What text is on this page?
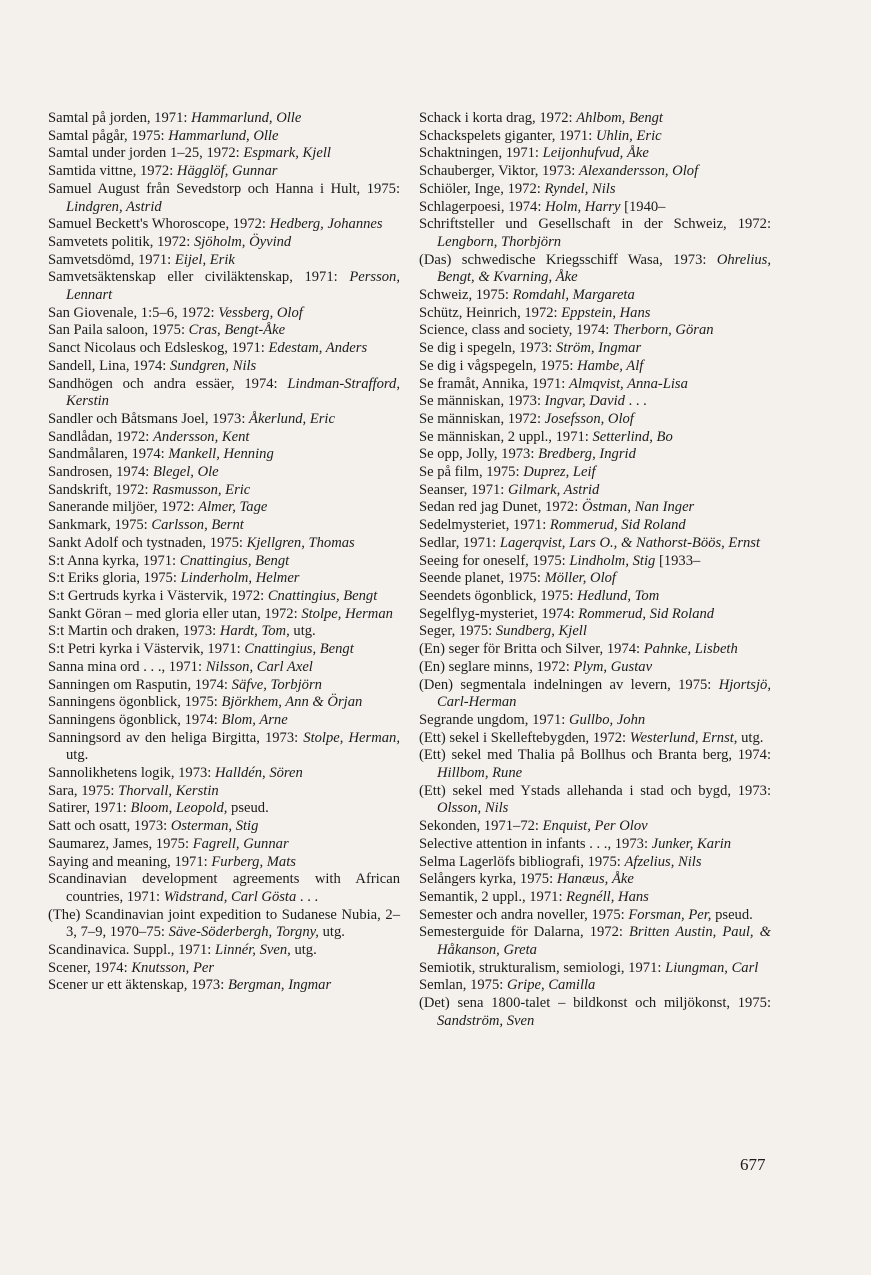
Samtal på jorden, 1971: Hammarlund, Olle
Samtal pågår, 1975: Hammarlund, Olle
Samtal under jorden 1–25, 1972: Espmark, Kjell
Samtida vittne, 1972: Hägglöf, Gunnar
Samuel August från Sevedstorp och Hanna i Hult, 1975: Lindgren, Astrid
Samuel Beckett's Whoroscope, 1972: Hedberg, Johannes
Samvetets politik, 1972: Sjöholm, Öyvind
Samvetsdömd, 1971: Eijel, Erik
Samvetsäktenskap eller civiläktenskap, 1971: Persson, Lennart
San Giovenale, 1:5–6, 1972: Vessberg, Olof
San Paila saloon, 1975: Cras, Bengt-Åke
Sanct Nicolaus och Edsleskog, 1971: Edestam, Anders
Sandell, Lina, 1974: Sundgren, Nils
Sandhögen och andra essäer, 1974: Lindman-Strafford, Kerstin
Sandler och Båtsmans Joel, 1973: Åkerlund, Eric
Sandlådan, 1972: Andersson, Kent
Sandmålaren, 1974: Mankell, Henning
Sandrosen, 1974: Blegel, Ole
Sandskrift, 1972: Rasmusson, Eric
Sanerande miljöer, 1972: Almer, Tage
Sankmark, 1975: Carlsson, Bernt
Sankt Adolf och tystnaden, 1975: Kjellgren, Thomas
S:t Anna kyrka, 1971: Cnattingius, Bengt
S:t Eriks gloria, 1975: Linderholm, Helmer
S:t Gertruds kyrka i Västervik, 1972: Cnattingius, Bengt
Sankt Göran – med gloria eller utan, 1972: Stolpe, Herman
S:t Martin och draken, 1973: Hardt, Tom, utg.
S:t Petri kyrka i Västervik, 1971: Cnattingius, Bengt
Sanna mina ord . . ., 1971: Nilsson, Carl Axel
Sanningen om Rasputin, 1974: Säfve, Torbjörn
Sanningens ögonblick, 1975: Björkhem, Ann & Örjan
Sanningens ögonblick, 1974: Blom, Arne
Sanningsord av den heliga Birgitta, 1973: Stolpe, Herman, utg.
Sannolikhetens logik, 1973: Halldén, Sören
Sara, 1975: Thorvall, Kerstin
Satirer, 1971: Bloom, Leopold, pseud.
Satt och osatt, 1973: Osterman, Stig
Saumarez, James, 1975: Fagrell, Gunnar
Saying and meaning, 1971: Furberg, Mats
Scandinavian development agreements with African countries, 1971: Widstrand, Carl Gösta . . .
(The) Scandinavian joint expedition to Sudanese Nubia, 2–3, 7–9, 1970–75: Säve-Söderbergh, Torgny, utg.
Scandinavica. Suppl., 1971: Linnér, Sven, utg.
Scener, 1974: Knutsson, Per
Scener ur ett äktenskap, 1973: Bergman, Ingmar
Schack i korta drag, 1972: Ahlbom, Bengt
Schackspelets giganter, 1971: Uhlin, Eric
Schaktningen, 1971: Leijonhufvud, Åke
Schauberger, Viktor, 1973: Alexandersson, Olof
Schiöler, Inge, 1972: Ryndel, Nils
Schlagerpoesi, 1974: Holm, Harry [1940–
Schriftsteller und Gesellschaft in der Schweiz, 1972: Lengborn, Thorbjörn
(Das) schwedische Kriegsschiff Wasa, 1973: Ohrelius, Bengt, & Kvarning, Åke
Schweiz, 1975: Romdahl, Margareta
Schütz, Heinrich, 1972: Eppstein, Hans
Science, class and society, 1974: Therborn, Göran
Se dig i spegeln, 1973: Ström, Ingmar
Se dig i vågspegeln, 1975: Hambe, Alf
Se framåt, Annika, 1971: Almqvist, Anna-Lisa
Se människan, 1973: Ingvar, David . . .
Se människan, 1972: Josefsson, Olof
Se människan, 2 uppl., 1971: Setterlind, Bo
Se opp, Jolly, 1973: Bredberg, Ingrid
Se på film, 1975: Duprez, Leif
Seanser, 1971: Gilmark, Astrid
Sedan red jag Dunet, 1972: Östman, Nan Inger
Sedelmysteriet, 1971: Rommerud, Sid Roland
Sedlar, 1971: Lagerqvist, Lars O., & Nathorst-Böös, Ernst
Seeing for oneself, 1975: Lindholm, Stig [1933–
Seende planet, 1975: Möller, Olof
Seendets ögonblick, 1975: Hedlund, Tom
Segelflyg-mysteriet, 1974: Rommerud, Sid Roland
Seger, 1975: Sundberg, Kjell
(En) seger för Britta och Silver, 1974: Pahnke, Lisbeth
(En) seglare minns, 1972: Plym, Gustav
(Den) segmentala indelningen av levern, 1975: Hjortsjö, Carl-Herman
Segrande ungdom, 1971: Gullbo, John
(Ett) sekel i Skelleftebygden, 1972: Westerlund, Ernst, utg.
(Ett) sekel med Thalia på Bollhus och Branta berg, 1974: Hillbom, Rune
(Ett) sekel med Ystads allehanda i stad och bygd, 1973: Olsson, Nils
Sekonden, 1971–72: Enquist, Per Olov
Selective attention in infants . . ., 1973: Junker, Karin
Selma Lagerlöfs bibliografi, 1975: Afzelius, Nils
Selångers kyrka, 1975: Hanæus, Åke
Semantik, 2 uppl., 1971: Regnéll, Hans
Semester och andra noveller, 1975: Forsman, Per, pseud.
Semesterguide för Dalarna, 1972: Britten Austin, Paul, & Håkanson, Greta
Semiotik, strukturalism, semiologi, 1971: Liungman, Carl
Semlan, 1975: Gripe, Camilla
(Det) sena 1800-talet – bildkonst och miljökonst, 1975: Sandström, Sven
677
